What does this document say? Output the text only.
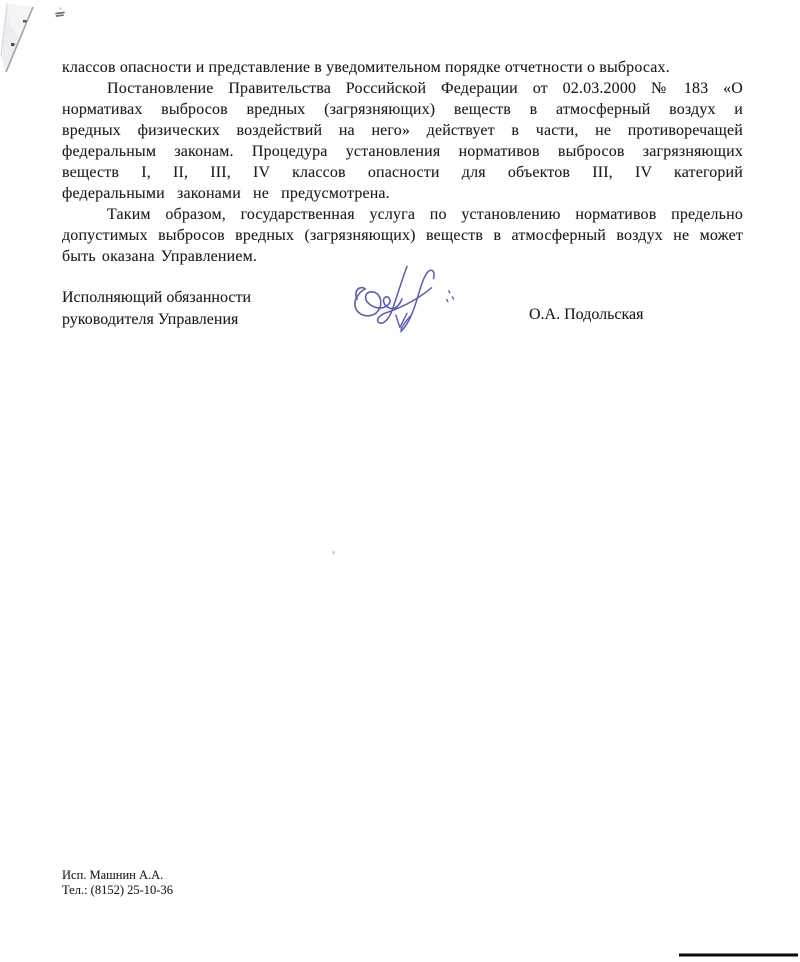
классов опасности и представление в уведомительном порядке отчетности о выбросах.

Постановление Правительства Российской Федерации от 02.03.2000 № 183 «О нормативах выбросов вредных (загрязняющих) веществ в атмосферный воздух и вредных физических воздействий на него» действует в части, не противоречащей федеральным законам. Процедура установления нормативов выбросов загрязняющих веществ I, II, III, IV классов опасности для объектов III, IV категорий федеральными законами не предусмотрена.

Таким образом, государственная услуга по установлению нормативов предельно допустимых выбросов вредных (загрязняющих) веществ в атмосферный воздух не может быть оказана Управлением.

Исполняющий обязанности
руководителя Управления	О.А. Подольская
Исп. Машнин А.А.
Тел.: (8152) 25-10-36
